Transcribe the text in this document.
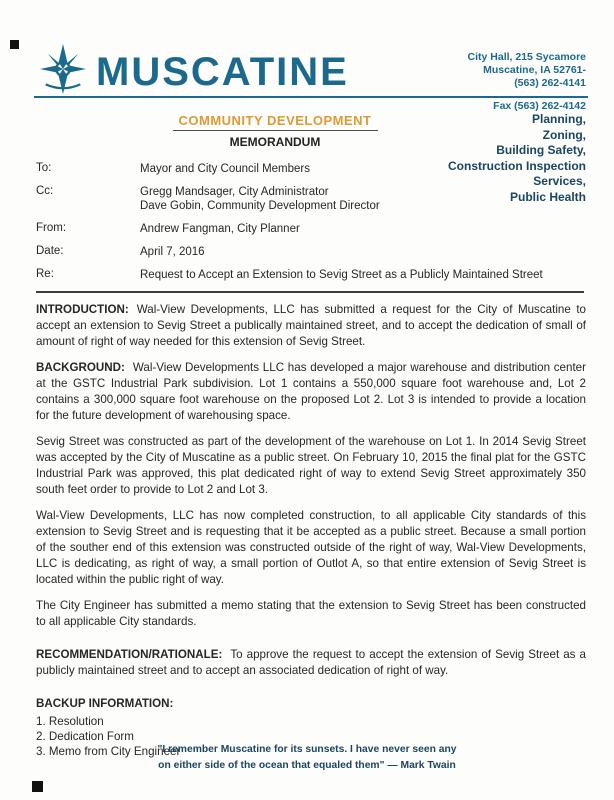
MUSCATINE	City Hall, 215 Sycamore
Muscatine, IA 52761-
(563) 262-4141
Fax (563) 262-4142
COMMUNITY DEVELOPMENT
MEMORANDUM
Planning,
Zoning,
Building Safety,
Construction Inspection
Services,
Public Health
To:	Mayor and City Council Members
Cc:	Gregg Mandsager, City Administrator
Dave Gobin, Community Development Director
From:	Andrew Fangman, City Planner
Date:	April 7, 2016
Re:	Request to Accept an Extension to Sevig Street as a Publicly Maintained Street

INTRODUCTION: Wal-View Developments, LLC has submitted a request for the City of Muscatine to accept an extension to Sevig Street a publically maintained street, and to accept the dedication of small of amount of right of way needed for this extension of Sevig Street.

BACKGROUND: Wal-View Developments LLC has developed a major warehouse and distribution center at the GSTC Industrial Park subdivision. Lot 1 contains a 550,000 square foot warehouse and, Lot 2 contains a 300,000 square foot warehouse on the proposed Lot 2. Lot 3 is intended to provide a location for the future development of warehousing space.

Sevig Street was constructed as part of the development of the warehouse on Lot 1. In 2014 Sevig Street was accepted by the City of Muscatine as a public street. On February 10, 2015 the final plat for the GSTC Industrial Park was approved, this plat dedicated right of way to extend Sevig Street approximately 350 south feet order to provide to Lot 2 and Lot 3.

Wal-View Developments, LLC has now completed construction, to all applicable City standards of this extension to Sevig Street and is requesting that it be accepted as a public street. Because a small portion of the souther end of this extension was constructed outside of the right of way, Wal-View Developments, LLC is dedicating, as right of way, a small portion of Outlot A, so that entire extension of Sevig Street is located within the public right of way.

The City Engineer has submitted a memo stating that the extension to Sevig Street has been constructed to all applicable City standards.

RECOMMENDATION/RATIONALE: To approve the request to accept the extension of Sevig Street as a publicly maintained street and to accept an associated dedication of right of way.

BACKUP INFORMATION:
1. Resolution
2. Dedication Form
3. Memo from City Engineer
"I remember Muscatine for its sunsets. I have never seen any
on either side of the ocean that equaled them" — Mark Twain
